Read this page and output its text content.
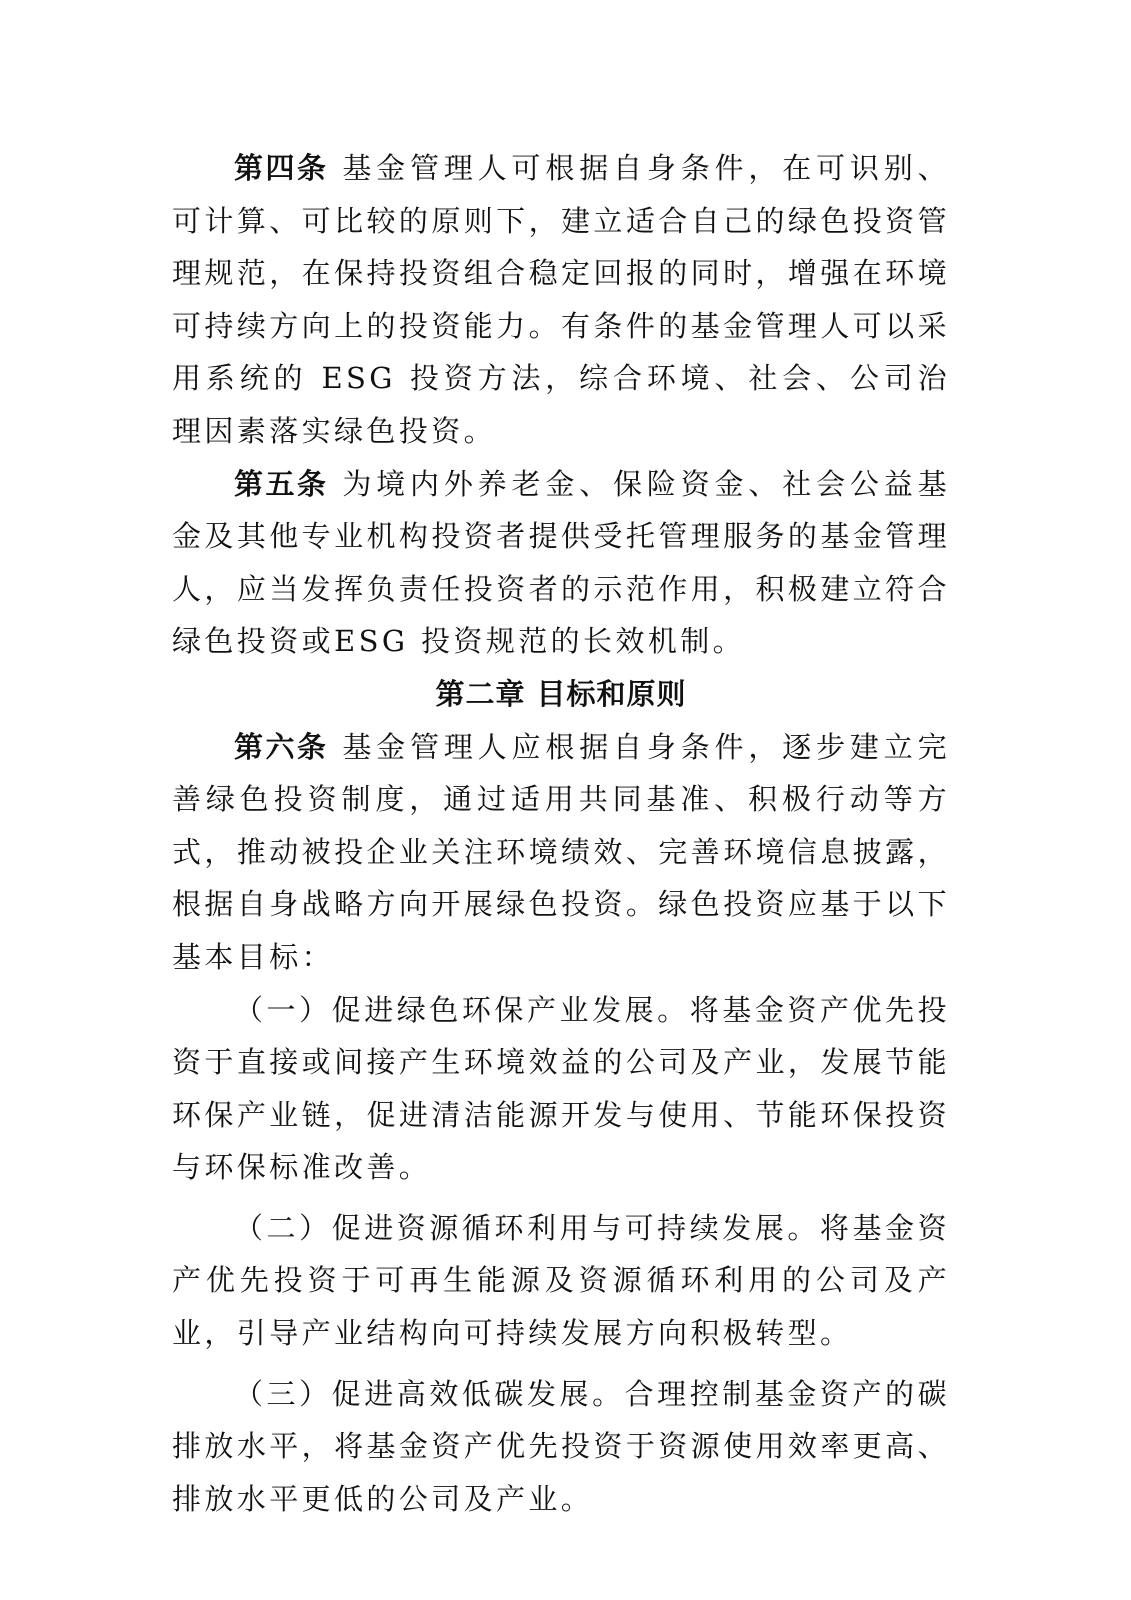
第四条 基金管理人可根据自身条件，在可识别、可计算、可比较的原则下，建立适合自己的绿色投资管理规范，在保持投资组合稳定回报的同时，增强在环境可持续方向上的投资能力。有条件的基金管理人可以采用系统的 ESG 投资方法，综合环境、社会、公司治理因素落实绿色投资。

第五条 为境内外养老金、保险资金、社会公益基金及其他专业机构投资者提供受托管理服务的基金管理人，应当发挥负责任投资者的示范作用，积极建立符合绿色投资或ESG 投资规范的长效机制。

第二章 目标和原则

第六条 基金管理人应根据自身条件，逐步建立完善绿色投资制度，通过适用共同基准、积极行动等方式，推动被投企业关注环境绩效、完善环境信息披露，根据自身战略方向开展绿色投资。绿色投资应基于以下基本目标：

（一）促进绿色环保产业发展。将基金资产优先投资于直接或间接产生环境效益的公司及产业，发展节能环保产业链，促进清洁能源开发与使用、节能环保投资与环保标准改善。

（二）促进资源循环利用与可持续发展。将基金资产优先投资于可再生能源及资源循环利用的公司及产业，引导产业结构向可持续发展方向积极转型。

（三）促进高效低碳发展。合理控制基金资产的碳排放水平，将基金资产优先投资于资源使用效率更高、排放水平更低的公司及产业。
